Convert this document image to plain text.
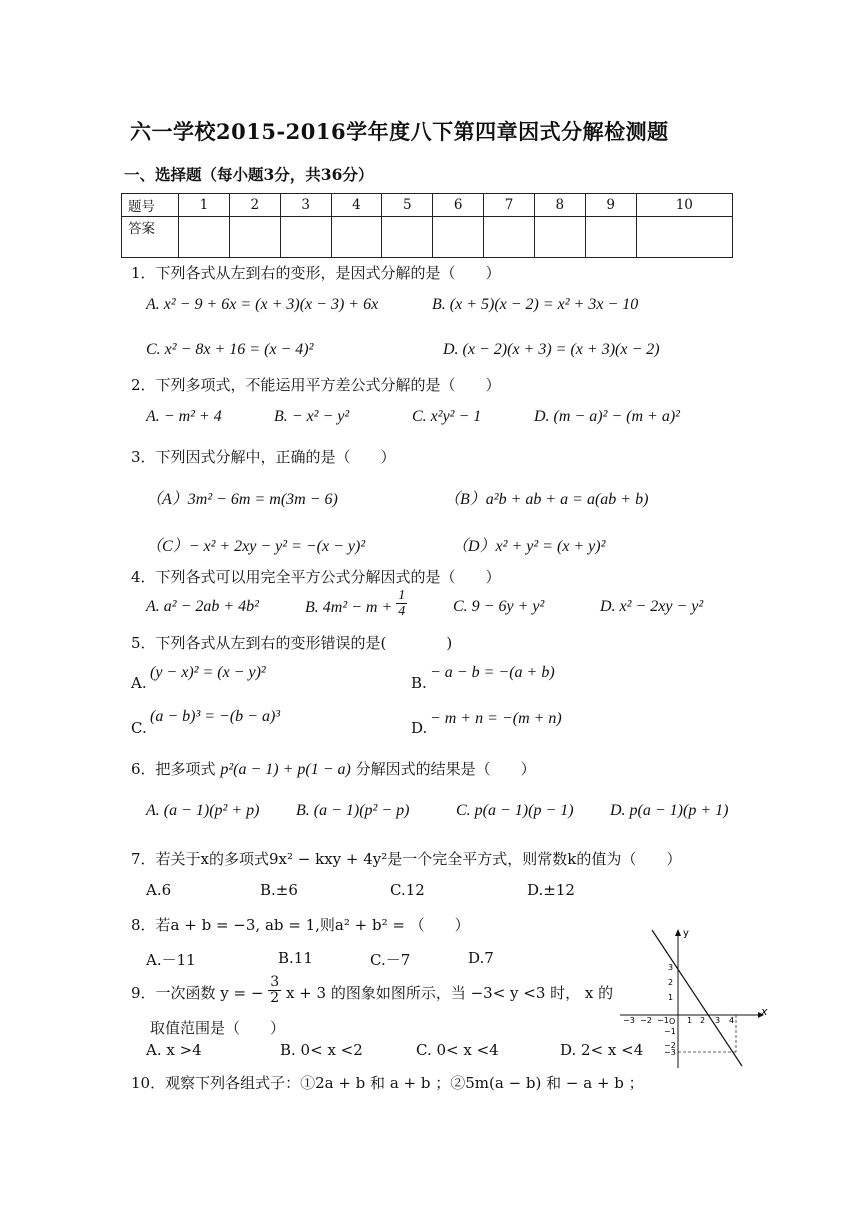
六一学校2015-2016学年度八下第四章因式分解检测题
一、选择题（每小题3分，共36分）
题号	1	2	3	4	5	6	7	8	9	10
答案										
1．下列各式从左到右的变形，是因式分解的是（　　）
A. x² − 9 + 6x = (x + 3)(x − 3) + 6x	B. (x + 5)(x − 2) = x² + 3x − 10
C. x² − 8x + 16 = (x − 4)²	D. (x − 2)(x + 3) = (x + 3)(x − 2)
2．下列多项式，不能运用平方差公式分解的是（　　）
A. − m² + 4	B. − x² − y²	C. x²y² − 1	D. (m − a)² − (m + a)²
3．下列因式分解中，正确的是（　　）
（A）3m² − 6m = m(3m − 6)	（B）a²b + ab + a = a(ab + b)
（C）− x² + 2xy − y² = −(x − y)²	（D）x² + y² = (x + y)²
4．下列各式可以用完全平方公式分解因式的是（　　）
A. a² − 2ab + 4b²	B. $4m^2 - m + \frac{1}{4}$	C. 9 − 6y + y²	D. x² − 2xy − y²
5．下列各式从左到右的变形错误的是(　　　　)
A.
(y − x)² = (x − y)²
B.
− a − b = −(a + b)
C.
(a − b)³ = −(b − a)³
D.
− m + n = −(m + n)
6．把多项式 p²(a − 1) + p(1 − a) 分解因式的结果是（　　）
A. (a − 1)(p² + p) B. (a − 1)(p² − p)	C. p(a − 1)(p − 1) D. p(a − 1)(p + 1)
7．若关于x的多项式9x² − kxy + 4y²是一个完全平方式，则常数k的值为（　　）
A.6	B.±6	C.12	D.±12
8．若a + b = −3, ab = 1,则a² + b² = （　　）
A.－11	B.11	C.－7	D.7
9．一次函数 y = − $\frac{3}{2}$ x + 3 的图象如图所示，当 −3< y <3 时， x 的
取值范围是（　　）
A. x >4	B. 0< x <2	C. 0< x <4	D. 2< x <4
10．观察下列各组式子：①2a + b 和 a + b ；②5m(a − b) 和 − a + b ；
x
y
O
−3 −2 −1 1 2 3 4
3
2
1
−1
−2
−3
